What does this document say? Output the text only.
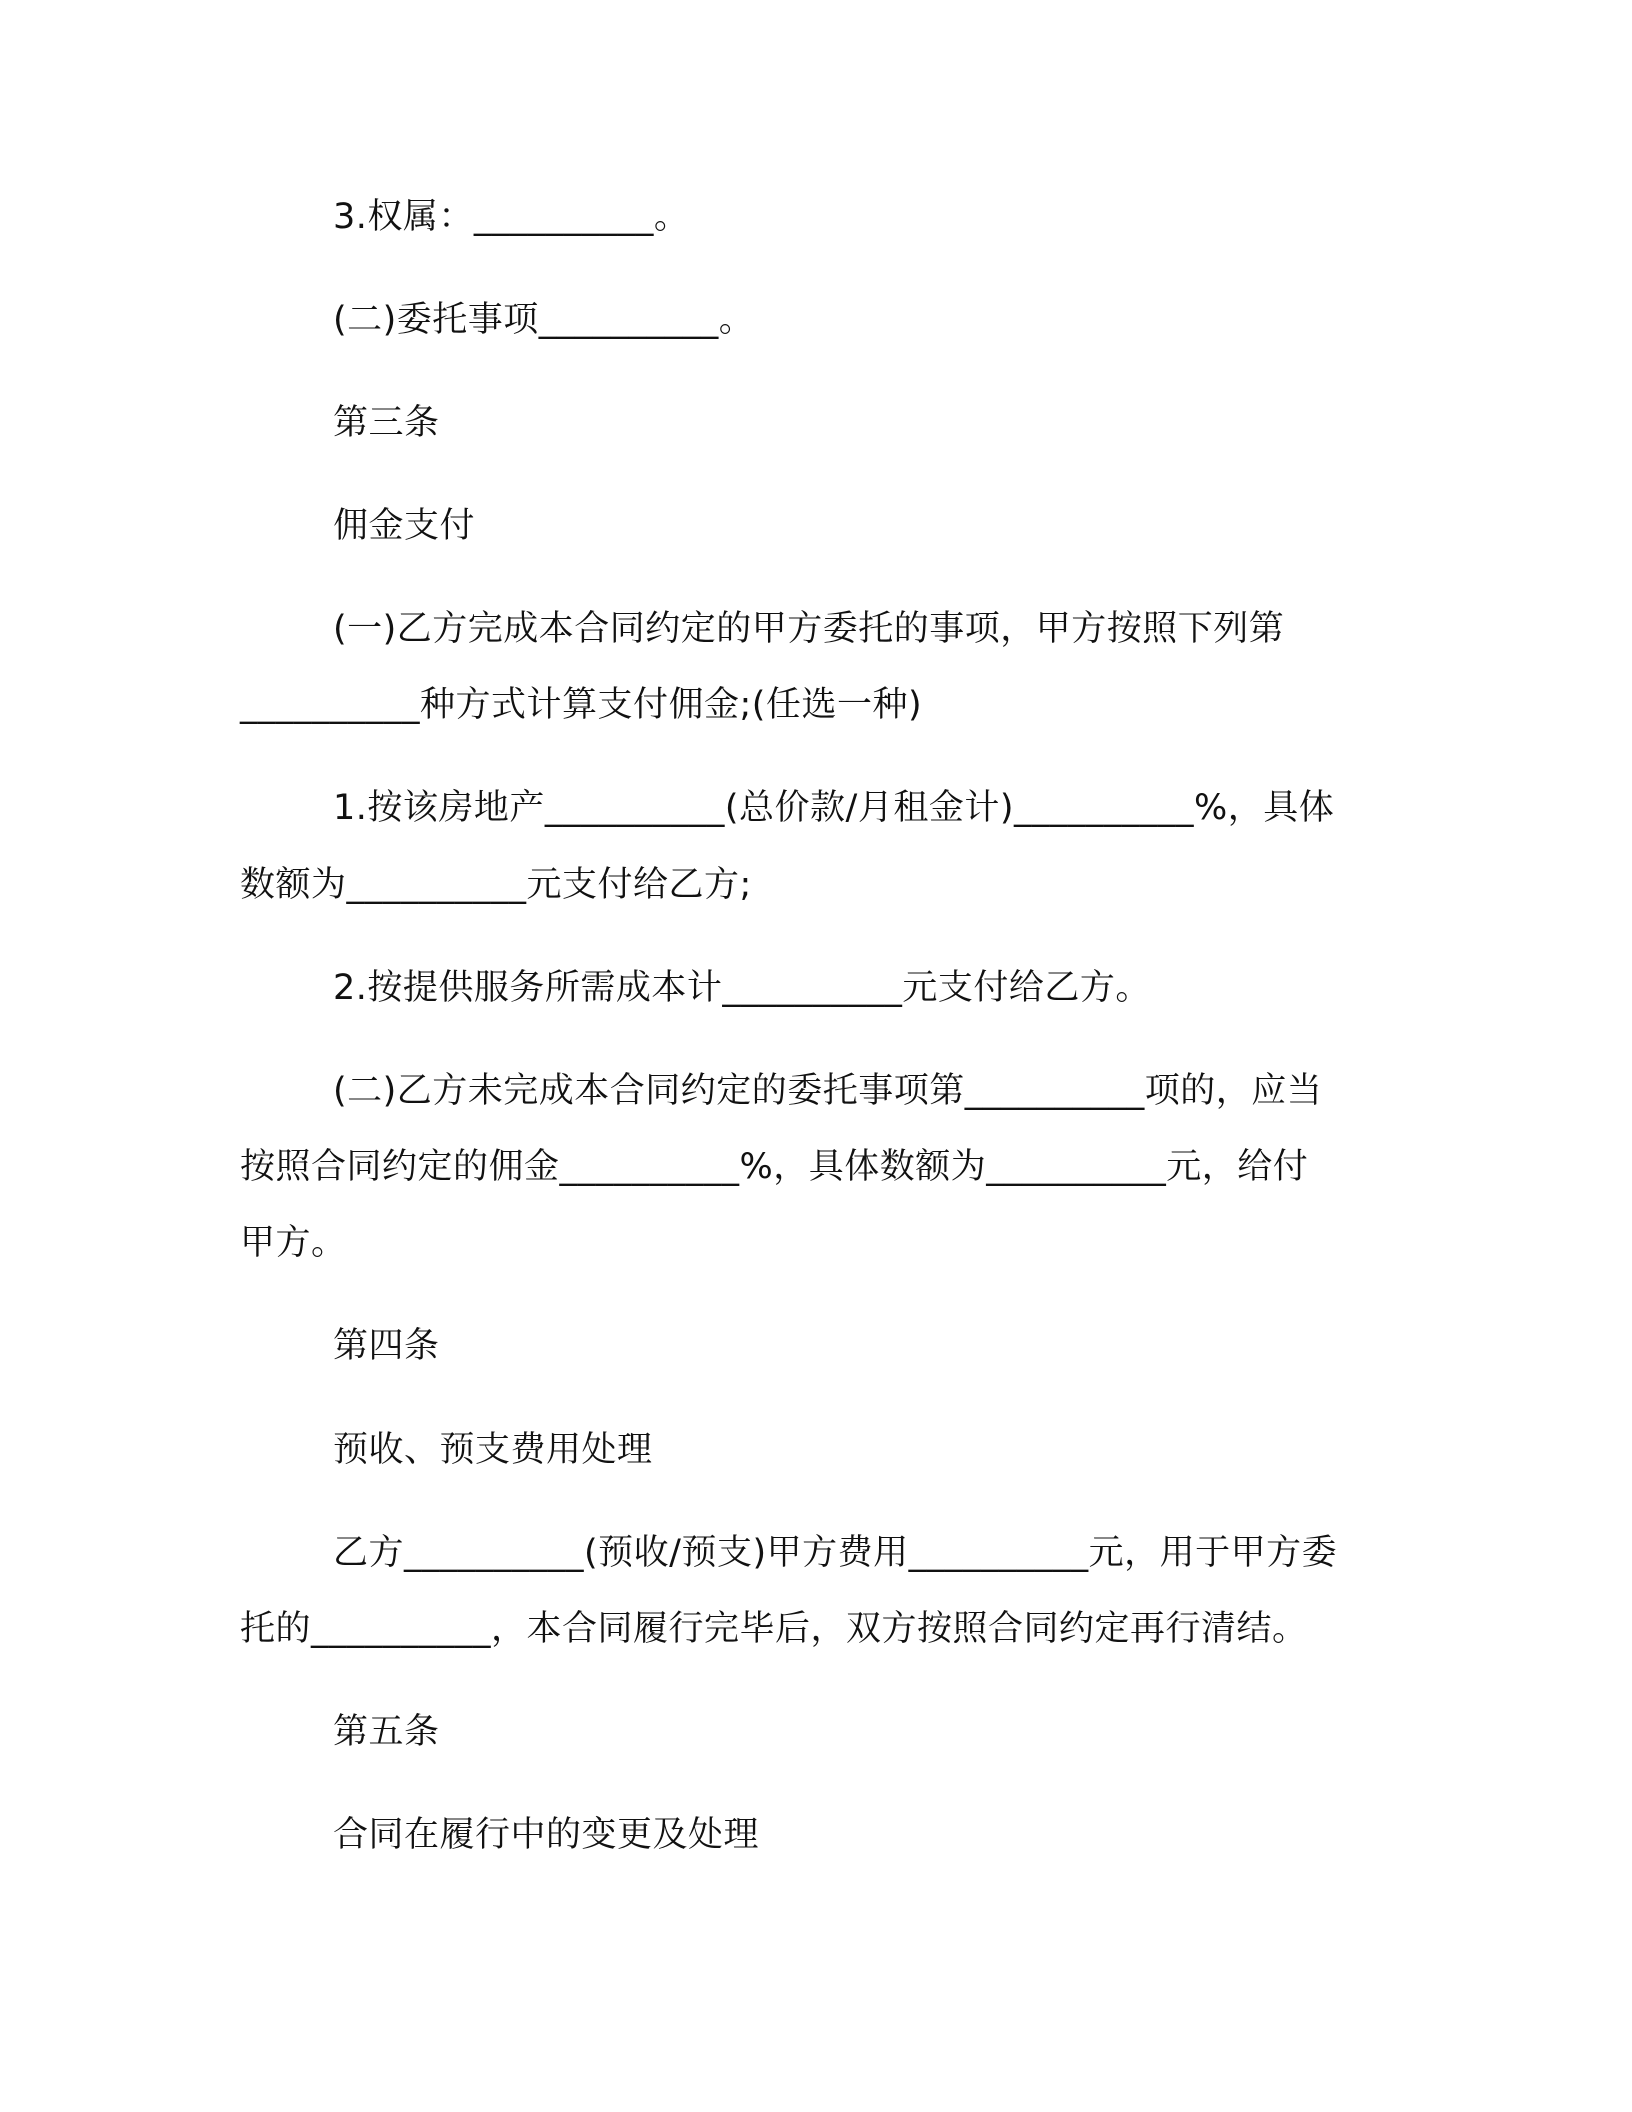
3.权属：__________。
(二)委托事项__________。
第三条
佣金支付
(一)乙方完成本合同约定的甲方委托的事项，甲方按照下列第
__________种方式计算支付佣金;(任选一种)
1.按该房地产__________(总价款/月租金计)__________%，具体
数额为__________元支付给乙方;
2.按提供服务所需成本计__________元支付给乙方。
(二)乙方未完成本合同约定的委托事项第__________项的，应当
按照合同约定的佣金__________%，具体数额为__________元，给付
甲方。
第四条
预收、预支费用处理
乙方__________(预收/预支)甲方费用__________元，用于甲方委
托的__________，本合同履行完毕后，双方按照合同约定再行清结。
第五条
合同在履行中的变更及处理
